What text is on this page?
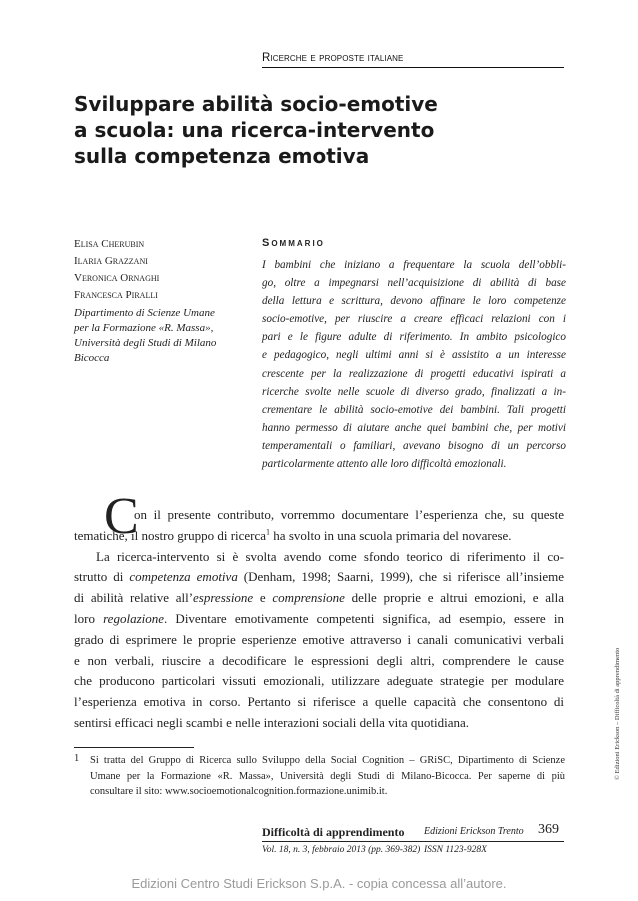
Ricerche e proposte italiane
Sviluppare abilità socio-emotive
a scuola: una ricerca-intervento
sulla competenza emotiva
Elisa Cherubin
Ilaria Grazzani
Veronica Ornaghi
Francesca Piralli
Dipartimento di Scienze Umane
per la Formazione «R. Massa»,
Università degli Studi di Milano
Bicocca
Sommario
I bambini che iniziano a frequentare la scuola dell’obbli-
go, oltre a impegnarsi nell’acquisizione di abilità di base
della lettura e scrittura, devono affinare le loro competenze
socio-emotive, per riuscire a creare efficaci relazioni con i
pari e le figure adulte di riferimento. In ambito psicologico
e pedagogico, negli ultimi anni si è assistito a un interesse
crescente per la realizzazione di progetti educativi ispirati a
ricerche svolte nelle scuole di diverso grado, finalizzati a in-
crementare le abilità socio-emotive dei bambini. Tali progetti
hanno permesso di aiutare anche quei bambini che, per motivi
temperamentali o familiari, avevano bisogno di un percorso
particolarmente attento alle loro difficoltà emozionali.
C
on il presente contributo, vorremmo documentare l’esperienza che, su queste
tematiche, il nostro gruppo di ricerca$^1$ ha svolto in una scuola primaria del novarese.
La ricerca-intervento si è svolta avendo come sfondo teorico di riferimento il co-
strutto di competenza emotiva (Denham, 1998; Saarni, 1999), che si riferisce all’insieme
di abilità relative all’espressione e comprensione delle proprie e altrui emozioni, e alla
loro regolazione. Diventare emotivamente competenti significa, ad esempio, essere in
grado di esprimere le proprie esperienze emotive attraverso i canali comunicativi verbali
e non verbali, riuscire a decodificare le espressioni degli altri, comprendere le cause
che producono particolari vissuti emozionali, utilizzare adeguate strategie per modulare
l’esperienza emotiva in corso. Pertanto si riferisce a quelle capacità che consentono di
sentirsi efficaci negli scambi e nelle interazioni sociali della vita quotidiana.
1 Si tratta del Gruppo di Ricerca sullo Sviluppo della Social Cognition – GRiSC, Dipartimento di Scienze
Umane per la Formazione «R. Massa», Università degli Studi di Milano-Bicocca. Per saperne di più
consultare il sito: www.socioemotionalcognition.formazione.unimib.it.
Difficoltà di apprendimento Edizioni Erickson Trento 369
Vol. 18, n. 3, febbraio 2013 (pp. 369-382) ISSN 1123-928X
© Edizioni Erickson – Difficoltà di apprendimento
Edizioni Centro Studi Erickson S.p.A. - copia concessa all’autore.
